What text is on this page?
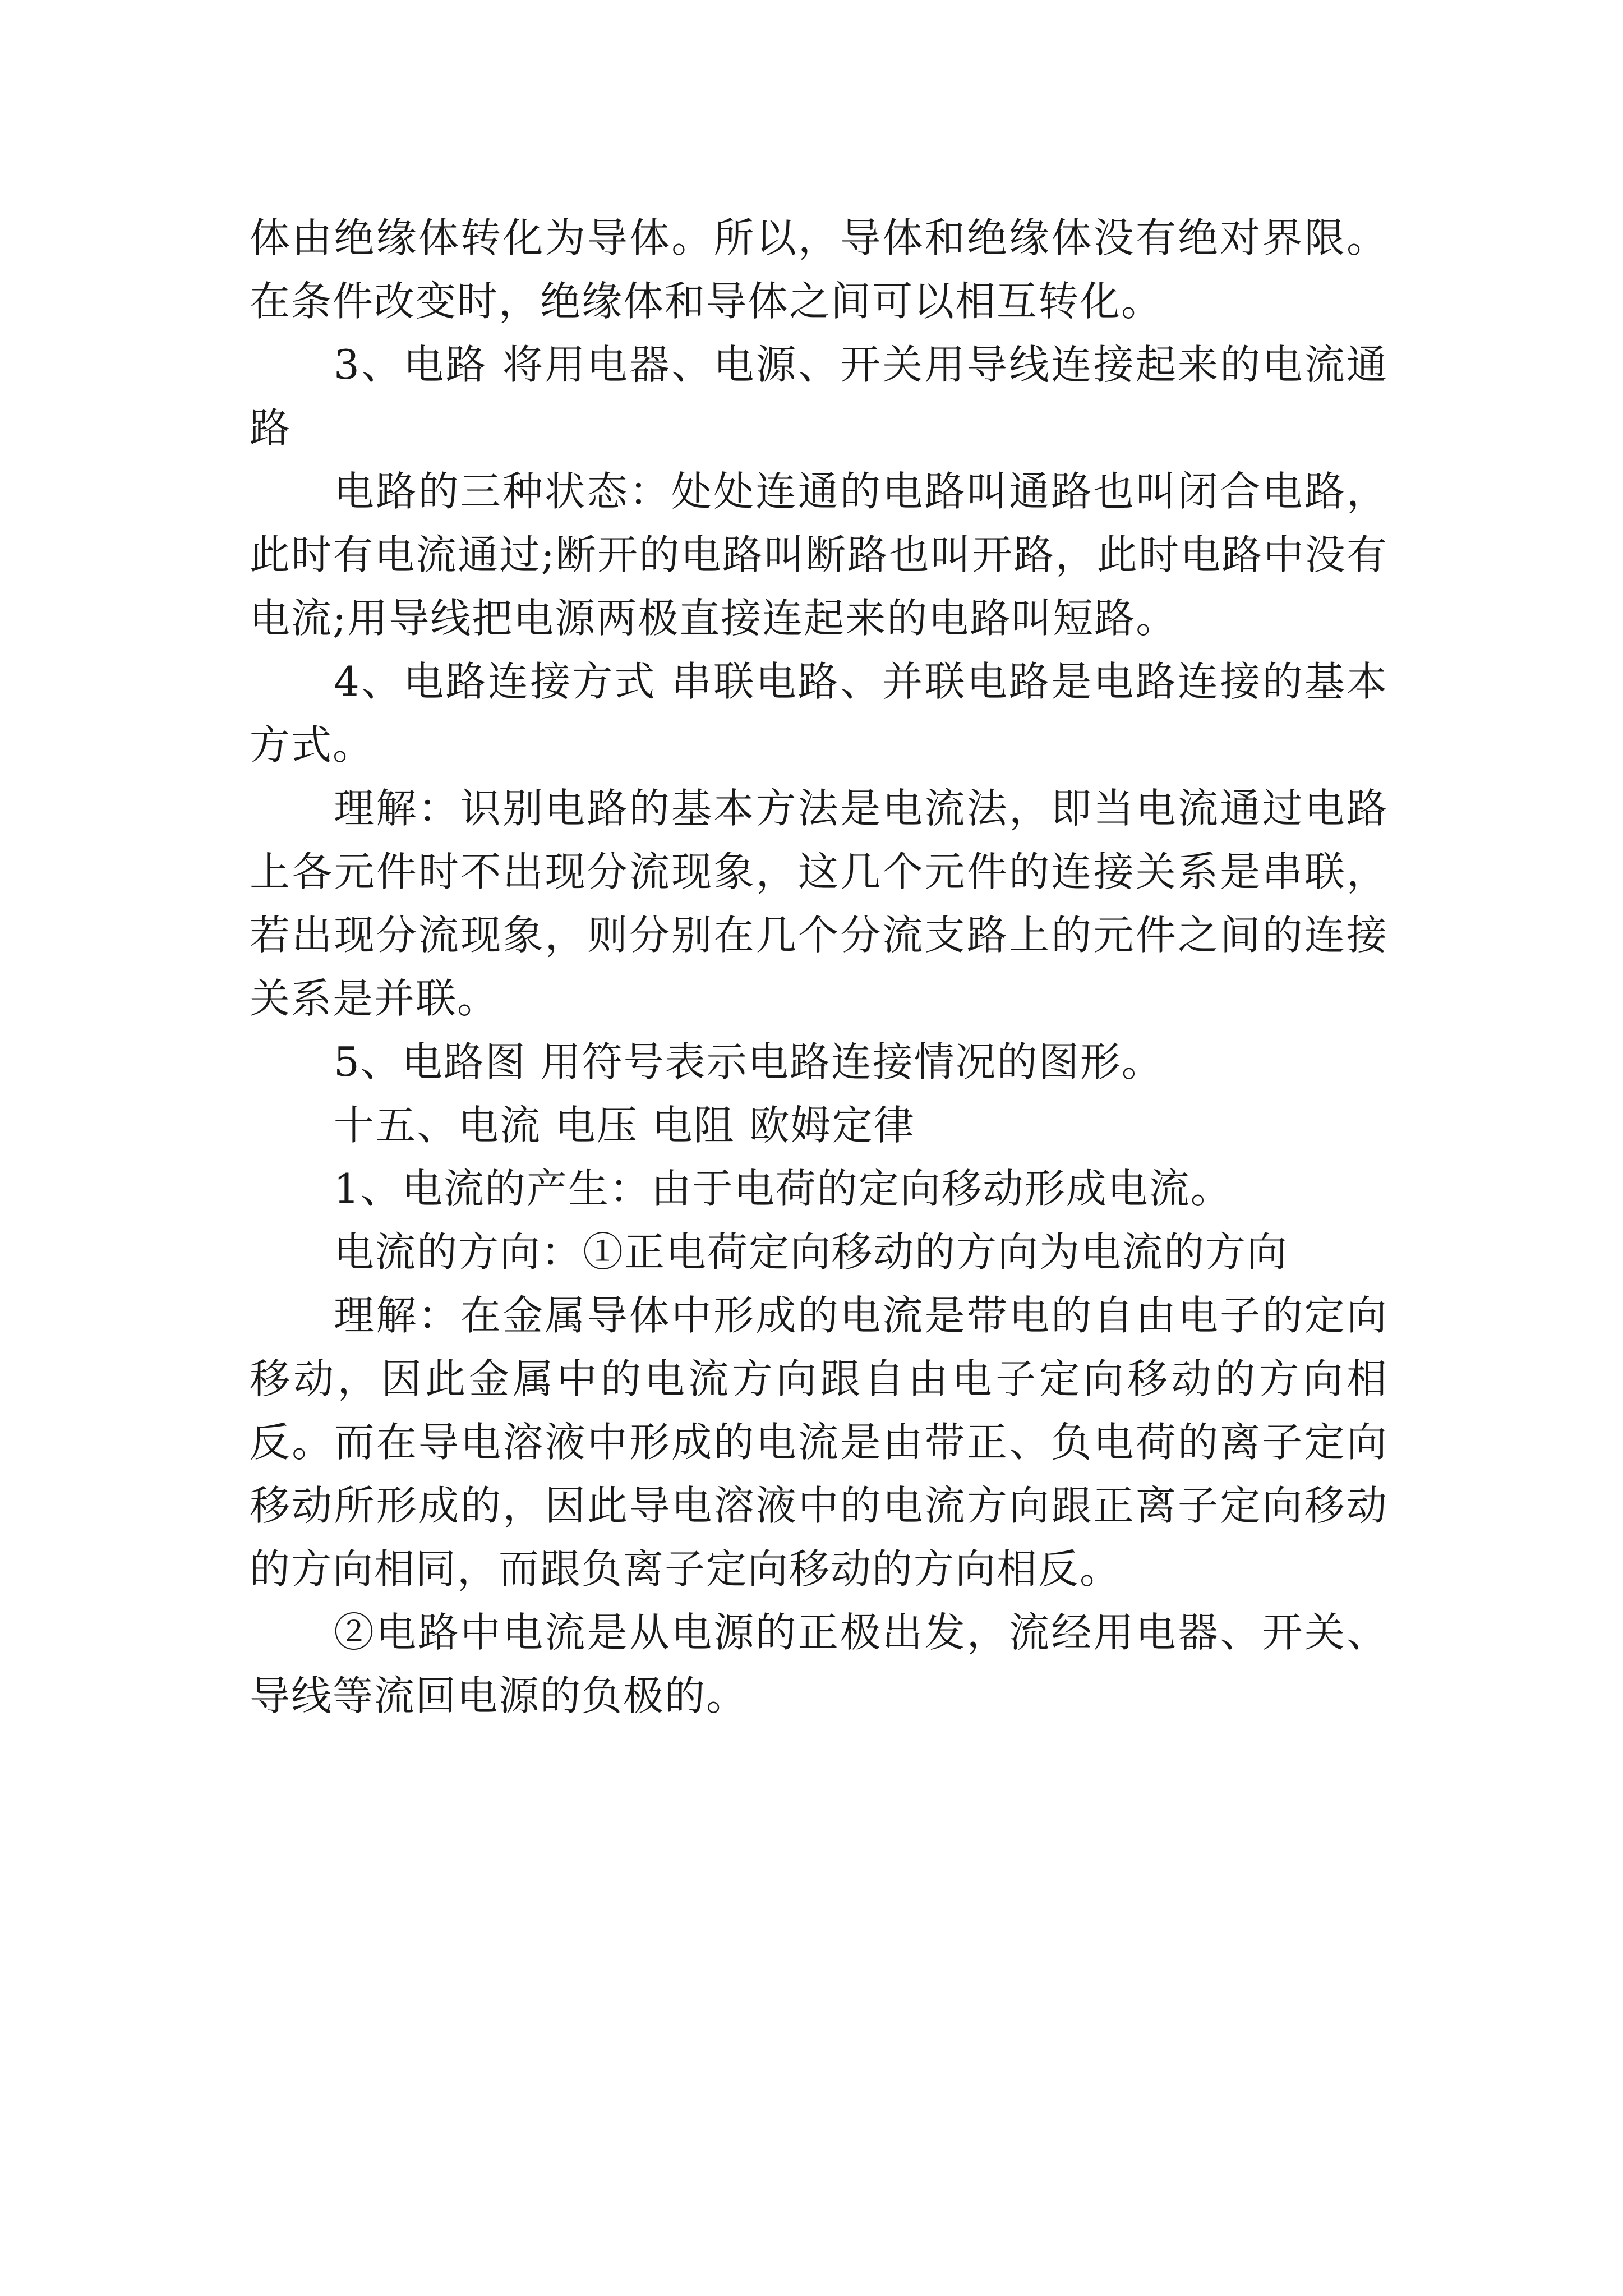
体由绝缘体转化为导体。所以，导体和绝缘体没有绝对界限。在条件改变时，绝缘体和导体之间可以相互转化。

3、电路 将用电器、电源、开关用导线连接起来的电流通路

电路的三种状态：处处连通的电路叫通路也叫闭合电路，此时有电流通过;断开的电路叫断路也叫开路，此时电路中没有电流;用导线把电源两极直接连起来的电路叫短路。

4、电路连接方式 串联电路、并联电路是电路连接的基本方式。

理解：识别电路的基本方法是电流法，即当电流通过电路上各元件时不出现分流现象，这几个元件的连接关系是串联，若出现分流现象，则分别在几个分流支路上的元件之间的连接关系是并联。

5、电路图 用符号表示电路连接情况的图形。

十五、电流 电压 电阻 欧姆定律

1、电流的产生：由于电荷的定向移动形成电流。

电流的方向：①正电荷定向移动的方向为电流的方向

理解：在金属导体中形成的电流是带电的自由电子的定向移动，因此金属中的电流方向跟自由电子定向移动的方向相反。而在导电溶液中形成的电流是由带正、负电荷的离子定向移动所形成的，因此导电溶液中的电流方向跟正离子定向移动的方向相同，而跟负离子定向移动的方向相反。

②电路中电流是从电源的正极出发，流经用电器、开关、导线等流回电源的负极的。
